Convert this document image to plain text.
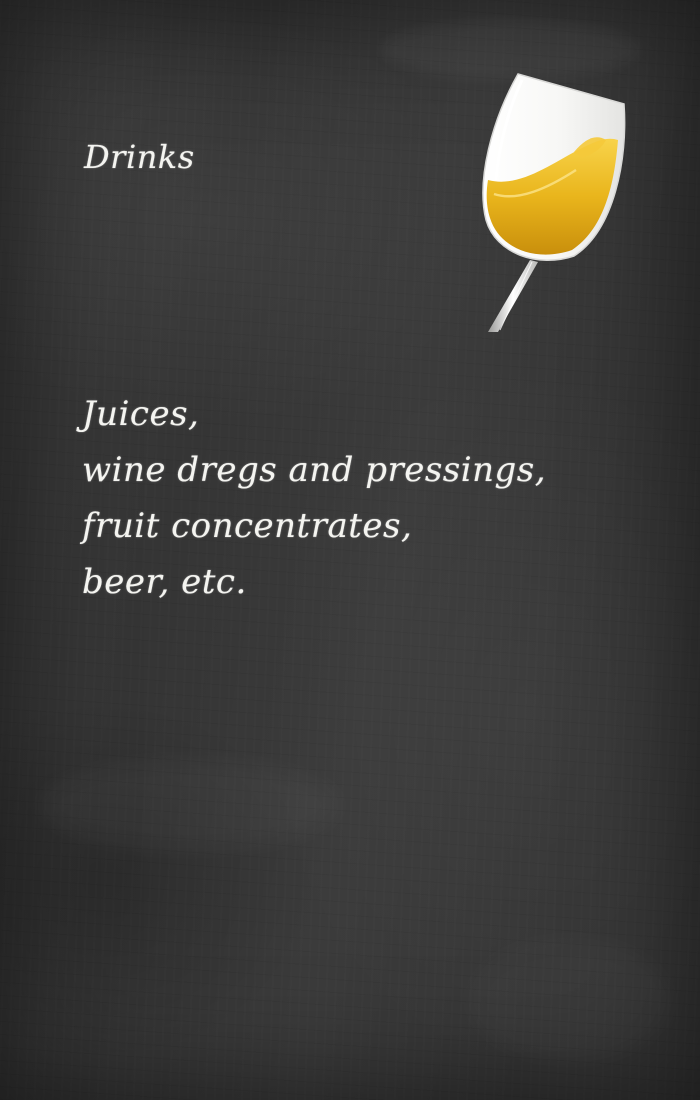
Drinks
Juices,
wine dregs and pressings,
fruit concentrates,
beer, etc.
